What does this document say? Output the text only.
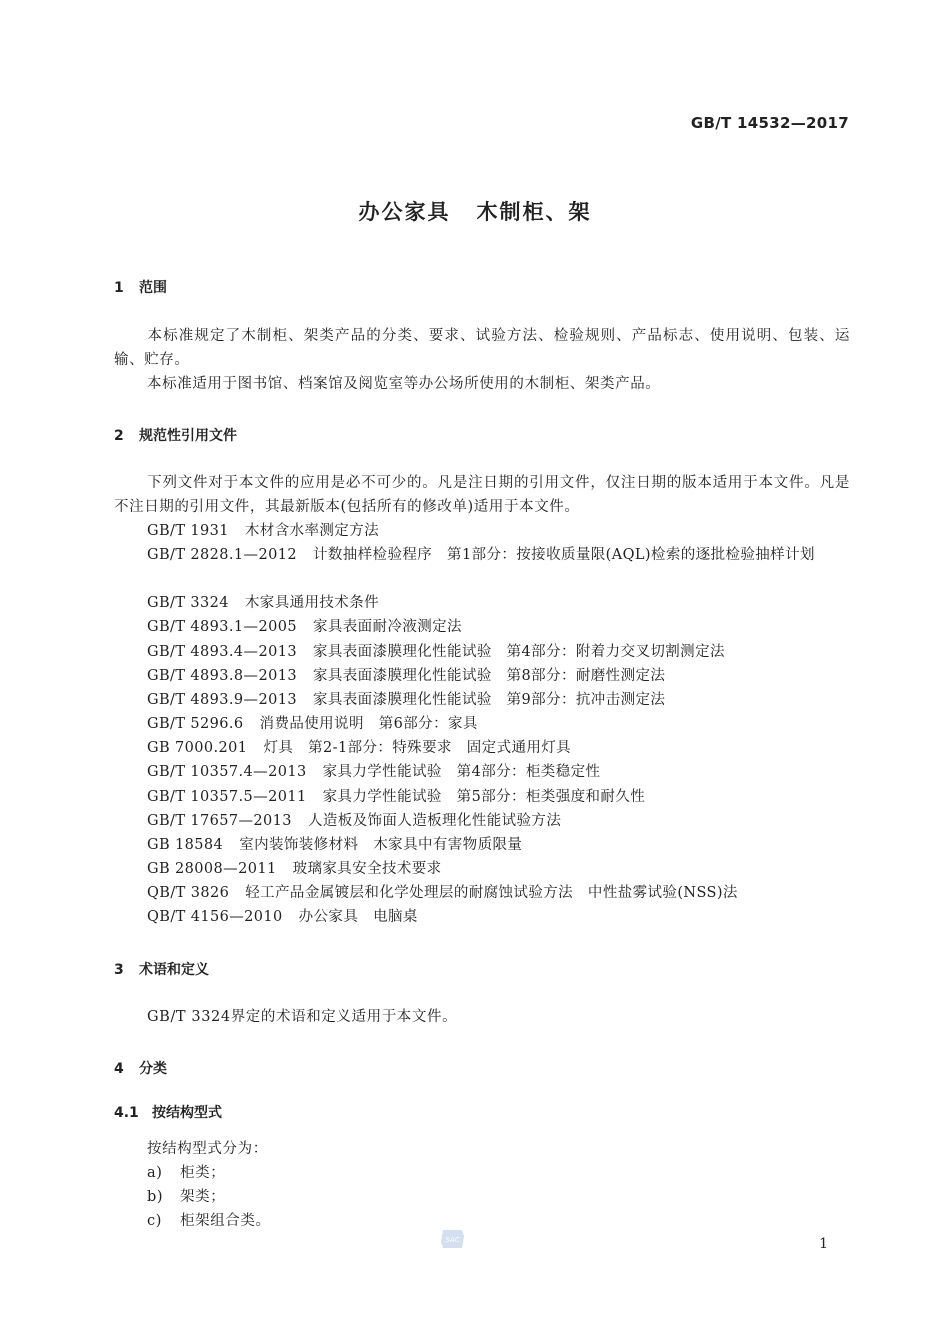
GB/T 14532—2017
办公家具 木制柜、架
1 范围
本标准规定了木制柜、架类产品的分类、要求、试验方法、检验规则、产品标志、使用说明、包装、运输、贮存。
本标准适用于图书馆、档案馆及阅览室等办公场所使用的木制柜、架类产品。
2 规范性引用文件
下列文件对于本文件的应用是必不可少的。凡是注日期的引用文件，仅注日期的版本适用于本文件。凡是不注日期的引用文件，其最新版本(包括所有的修改单)适用于本文件。
GB/T 1931 木材含水率测定方法
GB/T 2828.1—2012 计数抽样检验程序　第1部分：按接收质量限(AQL)检索的逐批检验抽样计划
GB/T 3324 木家具通用技术条件
GB/T 4893.1—2005 家具表面耐冷液测定法
GB/T 4893.4—2013 家具表面漆膜理化性能试验　第4部分：附着力交叉切割测定法
GB/T 4893.8—2013 家具表面漆膜理化性能试验　第8部分：耐磨性测定法
GB/T 4893.9—2013 家具表面漆膜理化性能试验　第9部分：抗冲击测定法
GB/T 5296.6 消费品使用说明　第6部分：家具
GB 7000.201 灯具　第2-1部分：特殊要求　固定式通用灯具
GB/T 10357.4—2013 家具力学性能试验　第4部分：柜类稳定性
GB/T 10357.5—2011 家具力学性能试验　第5部分：柜类强度和耐久性
GB/T 17657—2013 人造板及饰面人造板理化性能试验方法
GB 18584 室内装饰装修材料　木家具中有害物质限量
GB 28008—2011 玻璃家具安全技术要求
QB/T 3826 轻工产品金属镀层和化学处理层的耐腐蚀试验方法　中性盐雾试验(NSS)法
QB/T 4156—2010 办公家具　电脑桌
3 术语和定义
GB/T 3324界定的术语和定义适用于本文件。
4 分类
4.1 按结构型式
按结构型式分为：
a) 柜类；
b) 架类；
c) 柜架组合类。
SAC	1
